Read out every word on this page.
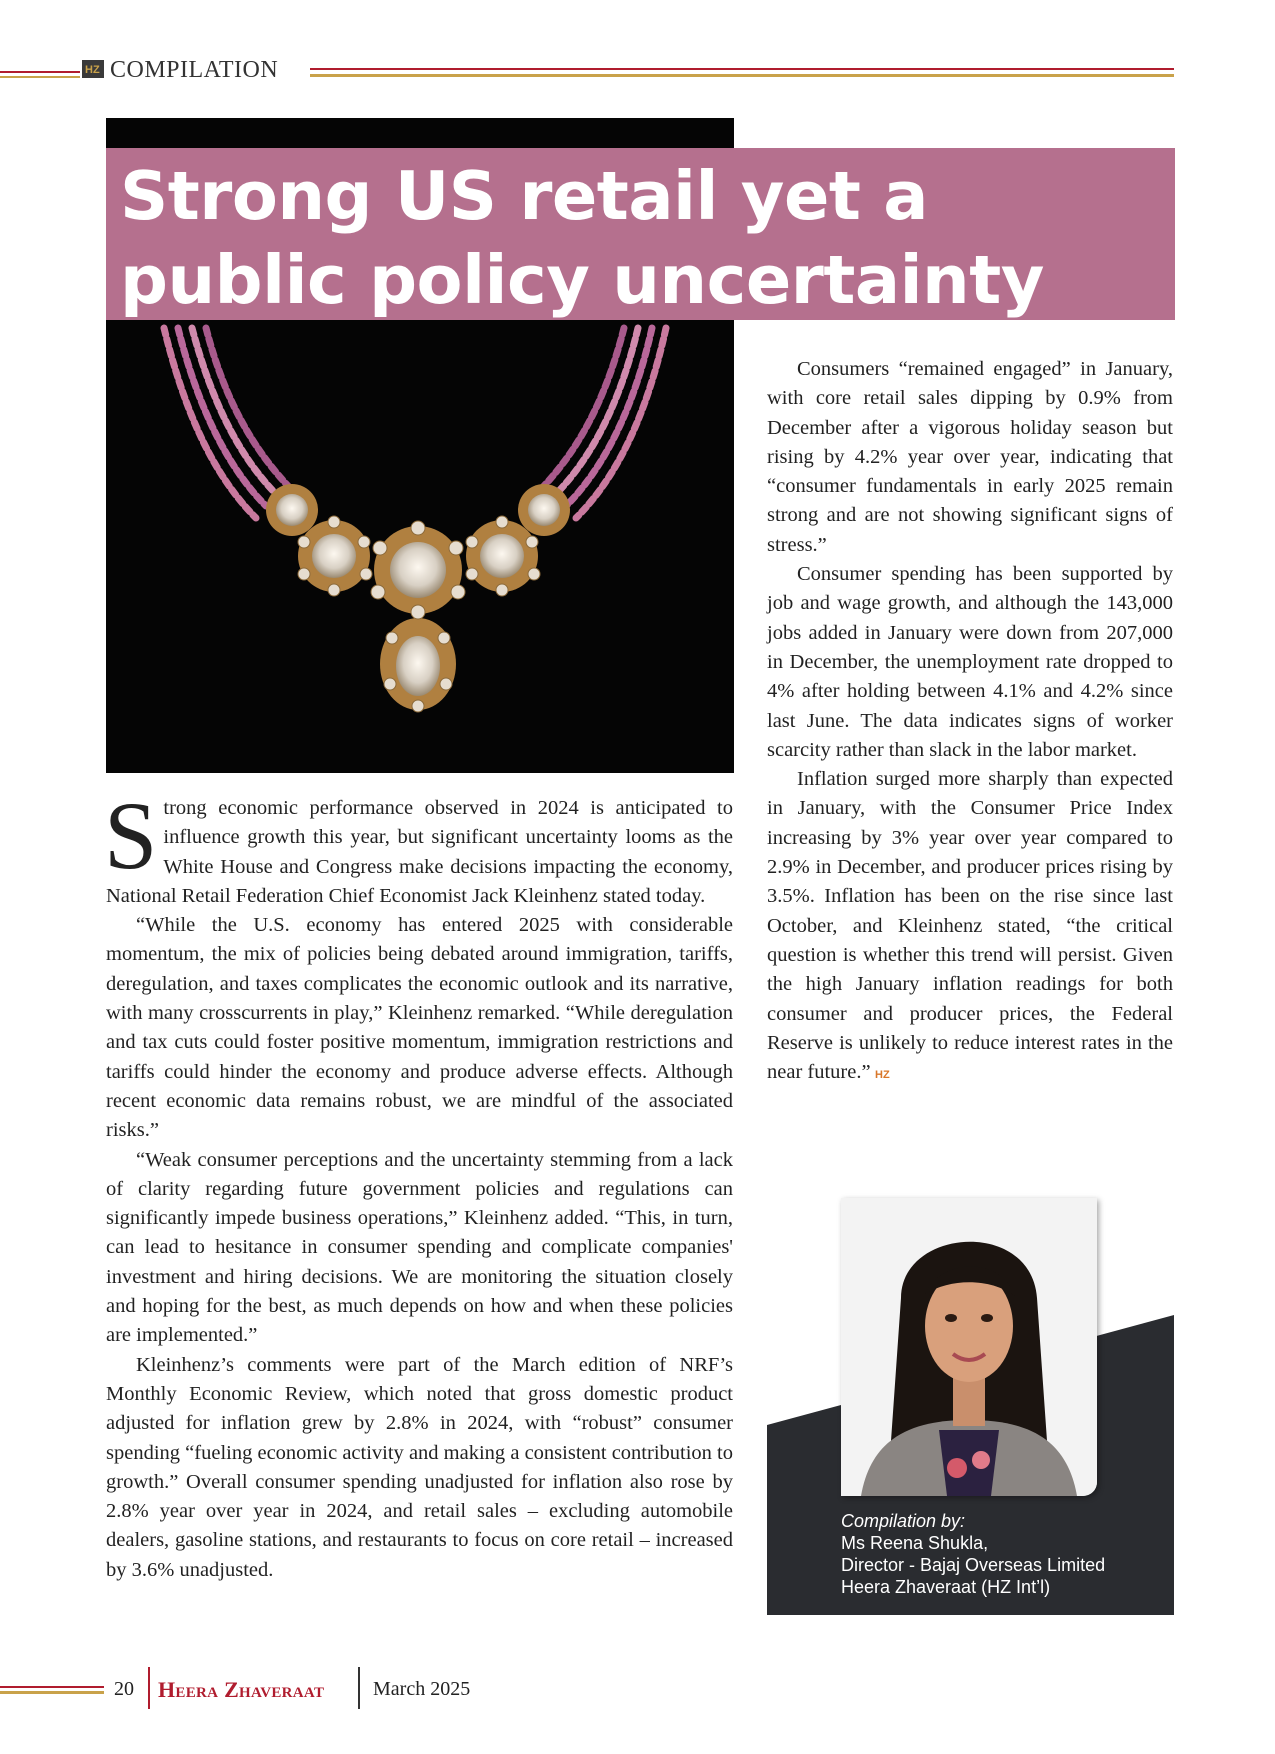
HZ COMPILATION
Strong US retail yet a
public policy uncertainty

Strong economic performance observed in 2024 is anticipated to influence growth this year, but significant uncertainty looms as the White House and Congress make decisions impacting the economy, National Retail Federation Chief Economist Jack Kleinhenz stated today.

“While the U.S. economy has entered 2025 with considerable momentum, the mix of policies being debated around immigration, tariffs, deregulation, and taxes complicates the economic outlook and its narrative, with many crosscurrents in play,” Kleinhenz remarked. “While deregulation and tax cuts could foster positive momentum, immigration restrictions and tariffs could hinder the economy and produce adverse effects. Although recent economic data remains robust, we are mindful of the associated risks.”

“Weak consumer perceptions and the uncertainty stemming from a lack of clarity regarding future government policies and regulations can significantly impede business operations,” Kleinhenz added. “This, in turn, can lead to hesitance in consumer spending and complicate companies' investment and hiring decisions. We are monitoring the situation closely and hoping for the best, as much depends on how and when these policies are implemented.”

Kleinhenz’s comments were part of the March edition of NRF’s Monthly Economic Review, which noted that gross domestic product adjusted for inflation grew by 2.8% in 2024, with “robust” consumer spending “fueling economic activity and making a consistent contribution to growth.” Overall consumer spending unadjusted for inflation also rose by 2.8% year over year in 2024, and retail sales – excluding automobile dealers, gasoline stations, and restaurants to focus on core retail – increased by 3.6% unadjusted.

Consumers “remained engaged” in January, with core retail sales dipping by 0.9% from December after a vigorous holiday season but rising by 4.2% year over year, indicating that “consumer fundamentals in early 2025 remain strong and are not showing significant signs of stress.”

Consumer spending has been supported by job and wage growth, and although the 143,000 jobs added in January were down from 207,000 in December, the unemployment rate dropped to 4% after holding between 4.1% and 4.2% since last June. The data indicates signs of worker scarcity rather than slack in the labor market.

Inflation surged more sharply than expected in January, with the Consumer Price Index increasing by 3% year over year compared to 2.9% in December, and producer prices rising by 3.5%. Inflation has been on the rise since last October, and Kleinhenz stated, “the critical question is whether this trend will persist. Given the high January inflation readings for both consumer and producer prices, the Federal Reserve is unlikely to reduce interest rates in the near future.” HZ

Compilation by:
Ms Reena Shukla,
Director - Bajaj Overseas Limited
Heera Zhaveraat (HZ Int’l)
20 Heera Zhaveraat March 2025
